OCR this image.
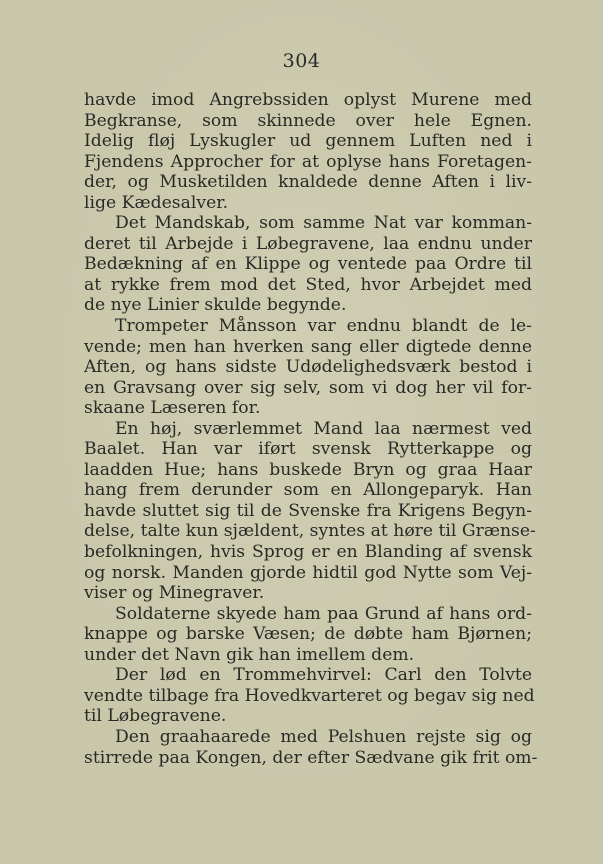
304
havde imod Angrebssiden oplyst Murene med
Begkranse, som skinnede over hele Egnen.
Idelig fløj Lyskugler ud gennem Luften ned i
Fjendens Approcher for at oplyse hans Foretagen-
der, og Musketilden knaldede denne Aften i liv-
lige Kædesalver.
Det Mandskab, som samme Nat var komman-
deret til Arbejde i Løbegravene, laa endnu under
Bedækning af en Klippe og ventede paa Ordre til
at rykke frem mod det Sted, hvor Arbejdet med
de nye Linier skulde begynde.
Trompeter Månsson var endnu blandt de le-
vende; men han hverken sang eller digtede denne
Aften, og hans sidste Udødelighedsværk bestod i
en Gravsang over sig selv, som vi dog her vil for-
skaane Læseren for.
En høj, sværlemmet Mand laa nærmest ved
Baalet. Han var iført svensk Rytterkappe og
laadden Hue; hans buskede Bryn og graa Haar
hang frem derunder som en Allongeparyk. Han
havde sluttet sig til de Svenske fra Krigens Begyn-
delse, talte kun sjældent, syntes at høre til Grænse-
befolkningen, hvis Sprog er en Blanding af svensk
og norsk. Manden gjorde hidtil god Nytte som Vej-
viser og Minegraver.
Soldaterne skyede ham paa Grund af hans ord-
knappe og barske Væsen; de døbte ham Bjørnen;
under det Navn gik han imellem dem.
Der lød en Trommehvirvel: Carl den Tolvte
vendte tilbage fra Hovedkvarteret og begav sig ned
til Løbegravene.
Den graahaarede med Pelshuen rejste sig og
stirrede paa Kongen, der efter Sædvane gik frit om-
